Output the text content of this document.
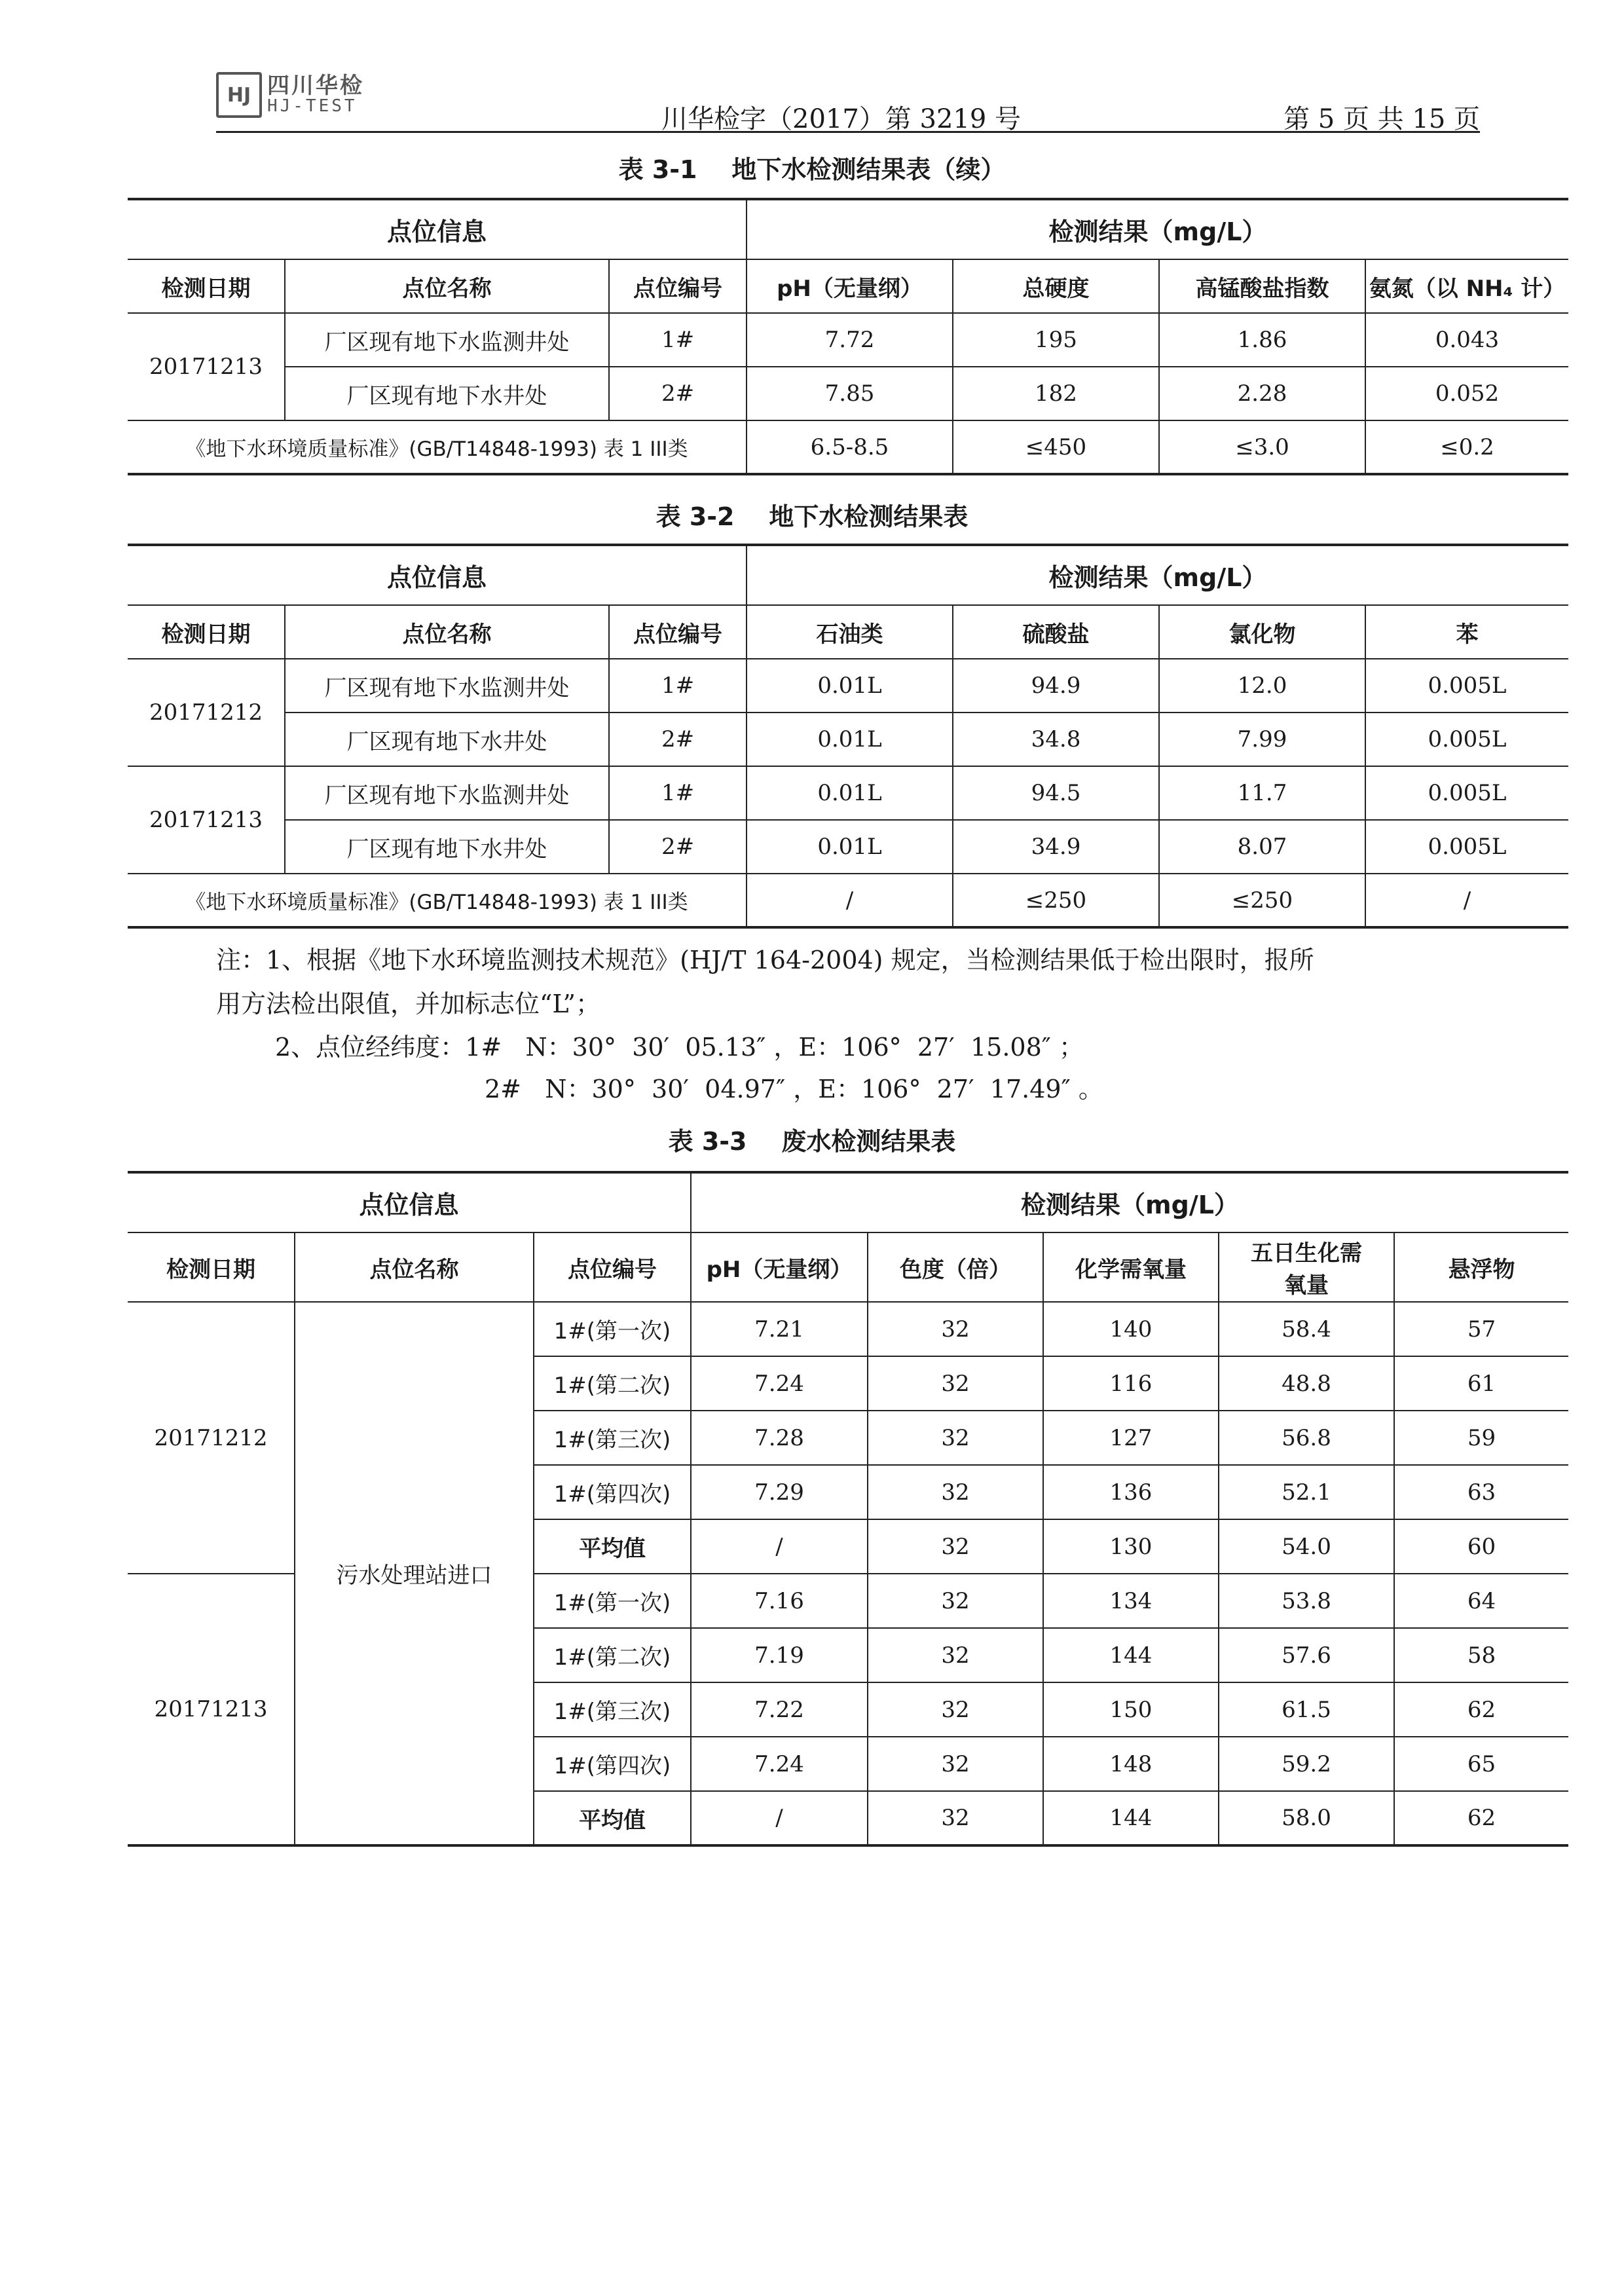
HJ 四川华检
HJ-TEST	川华检字（2017）第 3219 号	第 5 页 共 15 页
表 3-1    地下水检测结果表（续）
点位信息			检测结果（mg/L）			
检测日期	点位名称	点位编号	pH（无量纲）	总硬度	高锰酸盐指数	氨氮（以 NH₄ 计）
20171213	厂区现有地下水监测井处	1#	7.72	195	1.86	0.043
	厂区现有地下水井处	2#	7.85	182	2.28	0.052
《地下水环境质量标准》(GB/T14848-1993) 表 1 III类			6.5-8.5	≤450	≤3.0	≤0.2
表 3-2    地下水检测结果表
点位信息			检测结果（mg/L）			
检测日期	点位名称	点位编号	石油类	硫酸盐	氯化物	苯
20171212	厂区现有地下水监测井处	1#	0.01L	94.9	12.0	0.005L
	厂区现有地下水井处	2#	0.01L	34.8	7.99	0.005L
20171213	厂区现有地下水监测井处	1#	0.01L	94.5	11.7	0.005L
	厂区现有地下水井处	2#	0.01L	34.9	8.07	0.005L
《地下水环境质量标准》(GB/T14848-1993) 表 1 III类			/	≤250	≤250	/
注：1、根据《地下水环境监测技术规范》(HJ/T 164-2004) 规定，当检测结果低于检出限时，报所
用方法检出限值，并加标志位“L”；
2、点位经纬度：1#   N：30°  30′  05.13″ ，E：106°  27′  15.08″ ；
2#   N：30°  30′  04.97″ ，E：106°  27′  17.49″ 。
表 3-3    废水检测结果表
点位信息			检测结果（mg/L）				
检测日期	点位名称	点位编号	pH（无量纲）	色度（倍）	化学需氧量	五日生化需氧量	悬浮物
20171212	污水处理站进口	1#(第一次)	7.21	32	140	58.4	57
		1#(第二次)	7.24	32	116	48.8	61
		1#(第三次)	7.28	32	127	56.8	59
		1#(第四次)	7.29	32	136	52.1	63
		平均值	/	32	130	54.0	60
20171213		1#(第一次)	7.16	32	134	53.8	64
		1#(第二次)	7.19	32	144	57.6	58
		1#(第三次)	7.22	32	150	61.5	62
		1#(第四次)	7.24	32	148	59.2	65
		平均值	/	32	144	58.0	62
